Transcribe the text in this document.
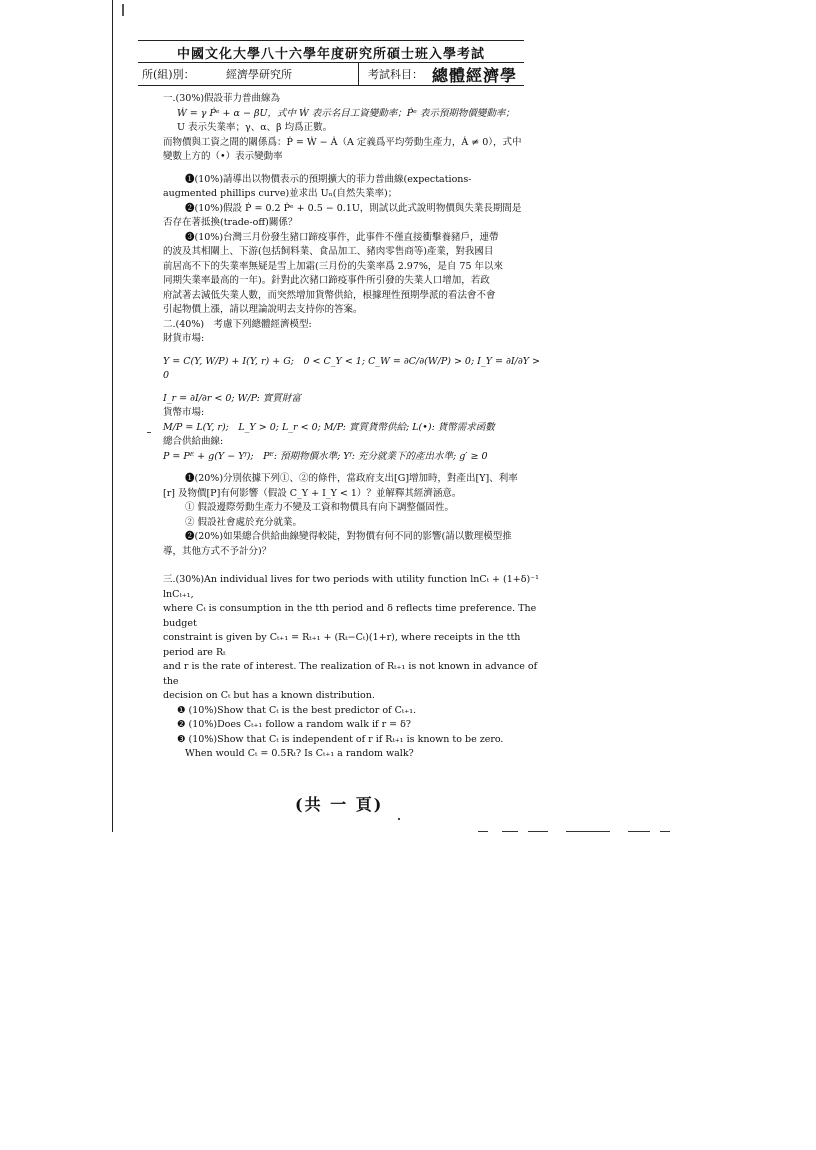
中國文化大學八十六學年度研究所碩士班入學考試
所(組)別：	經濟學研究所	考試科目： 總體經濟學

一.(30%)假設菲力普曲線為

Ẇ = γ Ṗᵉ + α − βU，式中 Ẇ 表示名目工資變動率；Ṗᵉ 表示預期物價變動率；

U 表示失業率；γ、α、β 均爲正數。

而物價與工資之間的關係爲：Ṗ = Ẇ − Ȧ（A 定義爲平均勞動生產力，Ȧ ≠ 0），式中

變數上方的（•）表示變動率

❶(10%)請導出以物價表示的預期擴大的菲力普曲線(expectations-

augmented phillips curve)並求出 Uₙ(自然失業率)；

❷(10%)假設 Ṗ = 0.2 Ṗᵉ + 0.5 − 0.1U，則試以此式說明物價與失業長期間是

否存在著抵換(trade-off)關係？

❸(10%)台灣三月份發生豬口蹄疫事件，此事件不僅直接衝擊養豬戶，連帶

的波及其相關上、下游(包括飼料業、食品加工、豬肉零售商等)產業，對我國目

前居高不下的失業率無疑是雪上加霜(三月份的失業率爲 2.97%，是自 75 年以來

同期失業率最高的一年)。針對此次豬口蹄疫事件所引發的失業人口增加，若政

府試著去減低失業人數，而突然增加貨幣供給，根據理性預期學派的看法會不會

引起物價上漲，請以理論說明去支持你的答案。

二.(40%)　考慮下列總體經濟模型:

財貨市場:

Y = C(Y, W/P) + I(Y, r) + G;　0 < C_Y < 1; C_W = ∂C/∂(W/P) > 0; I_Y = ∂I/∂Y > 0

I_r = ∂I/∂r < 0; W/P: 實質財富

貨幣市場:

M/P = L(Y, r);　L_Y > 0; L_r < 0; M/P: 實質貨幣供給; L(•): 貨幣需求函數

總合供給曲線:

P = Pᴱ + g(Y − Yᶠ);　Pᴱ: 預期物價水準; Yᶠ: 充分就業下的產出水準; g′ ≥ 0

❶(20%)分別依據下列①、②的條件，當政府支出[G]增加時，對產出[Y]、利率

[r] 及物價[P]有何影響（假設 C_Y + I_Y < 1）？並解釋其經濟涵意。

① 假設邊際勞動生產力不變及工資和物價具有向下調整僵固性。

② 假設社會處於充分就業。

❷(20%)如果總合供給曲線變得較陡，對物價有何不同的影響(請以數理模型推

導，其他方式不予計分)？

三.(30%)An individual lives for two periods with utility function lnCₜ + (1+δ)⁻¹ lnCₜ₊₁,

where Cₜ is consumption in the tth period and δ reflects time preference. The budget

constraint is given by Cₜ₊₁ = Rₜ₊₁ + (Rₜ−Cₜ)(1+r), where receipts in the tth period are Rₜ

and r is the rate of interest. The realization of Rₜ₊₁ is not known in advance of the

decision on Cₜ but has a known distribution.

❶ (10%)Show that Cₜ is the best predictor of Cₜ₊₁.

❷ (10%)Does Cₜ₊₁ follow a random walk if r = δ?

❸ (10%)Show that Cₜ is independent of r if Rₜ₊₁ is known to be zero.

When would Cₜ = 0.5Rₜ? Is Cₜ₊₁ a random walk?

(共 一 頁)
